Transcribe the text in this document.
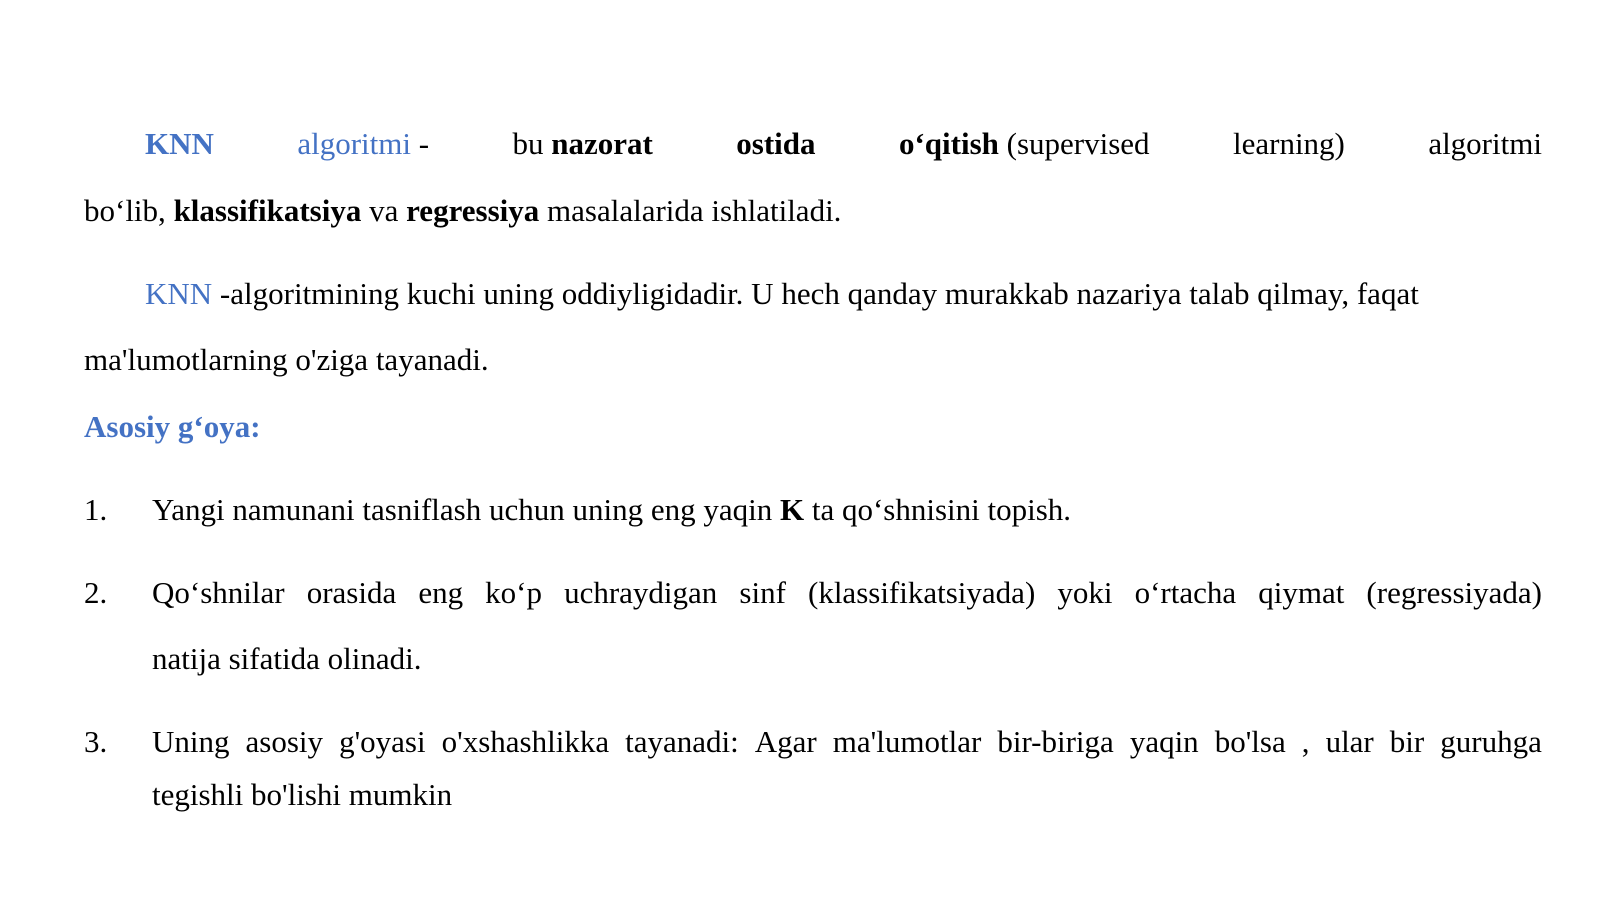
KNN	algoritmi -	bu nazorat	ostida	o‘qitish (supervised	learning)	algoritmi
bo‘lib, klassifikatsiya va regressiya masalalarida ishlatiladi.
KNN -algoritmining kuchi uning oddiyligidadir. U hech qanday murakkab nazariya talab qilmay, faqat
ma'lumotlarning o'ziga tayanadi.
Asosiy g‘oya:
1. Yangi namunani tasniflash uchun uning eng yaqin K ta qo‘shnisini topish.
2. Qo‘shnilar orasida eng ko‘p uchraydigan sinf (klassifikatsiyada) yoki o‘rtacha qiymat (regressiyada)
natija sifatida olinadi.
3. Uning asosiy g'oyasi o'xshashlikka tayanadi: Agar ma'lumotlar bir-biriga yaqin bo'lsa , ular bir guruhga
tegishli bo'lishi mumkin
